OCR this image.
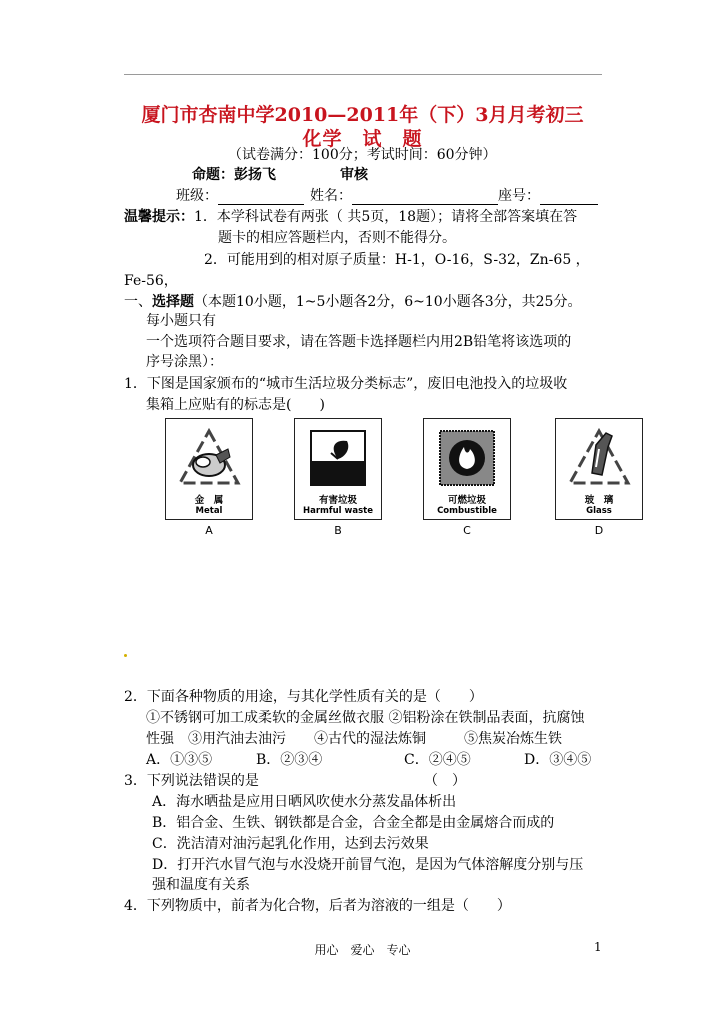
厦门市杏南中学2010—2011年（下）3月月考初三
化学　试　题
（试卷满分：100分；考试时间：60分钟）
命题：彭扬飞	审核
班级：	姓名：	座号：
温馨提示：1．本学科试卷有两张（ 共5页，18题）；请将全部答案填在答
题卡的相应答题栏内，否则不能得分。
2．可能用到的相对原子质量：H-1，O-16，S-32，Zn-65 ，
Fe-56，
一、选择题（本题10小题，1~5小题各2分，6~10小题各3分，共25分。
每小题只有
一个选项符合题目要求，请在答题卡选择题栏内用2B铅笔将该选项的
序号涂黑）：
1．下图是国家颁布的“城市生活垃圾分类标志”，废旧电池投入的垃圾收
集箱上应贴有的标志是(　　)
金　属
Metal
A
有害垃圾
Harmful waste
B
可燃垃圾
Combustible
C
玻　璃
Glass
D
2．下面各种物质的用途，与其化学性质有关的是（　　）
①不锈钢可加工成柔软的金属丝做衣服 ②铝粉涂在铁制品表面，抗腐蚀
性强　③用汽油去油污　　④古代的湿法炼铜	⑤焦炭冶炼生铁
A．①③⑤	B．②③④	C．②④⑤	D．③④⑤
3．下列说法错误的是	（　）
A．海水晒盐是应用日晒风吹使水分蒸发晶体析出
B．铝合金、生铁、钢铁都是合金，合金全都是由金属熔合而成的
C．洗洁清对油污起乳化作用，达到去污效果
D．打开汽水冒气泡与水没烧开前冒气泡，是因为气体溶解度分别与压
强和温度有关系
4．下列物质中，前者为化合物，后者为溶液的一组是（　　）
用心　爱心　专心	1
